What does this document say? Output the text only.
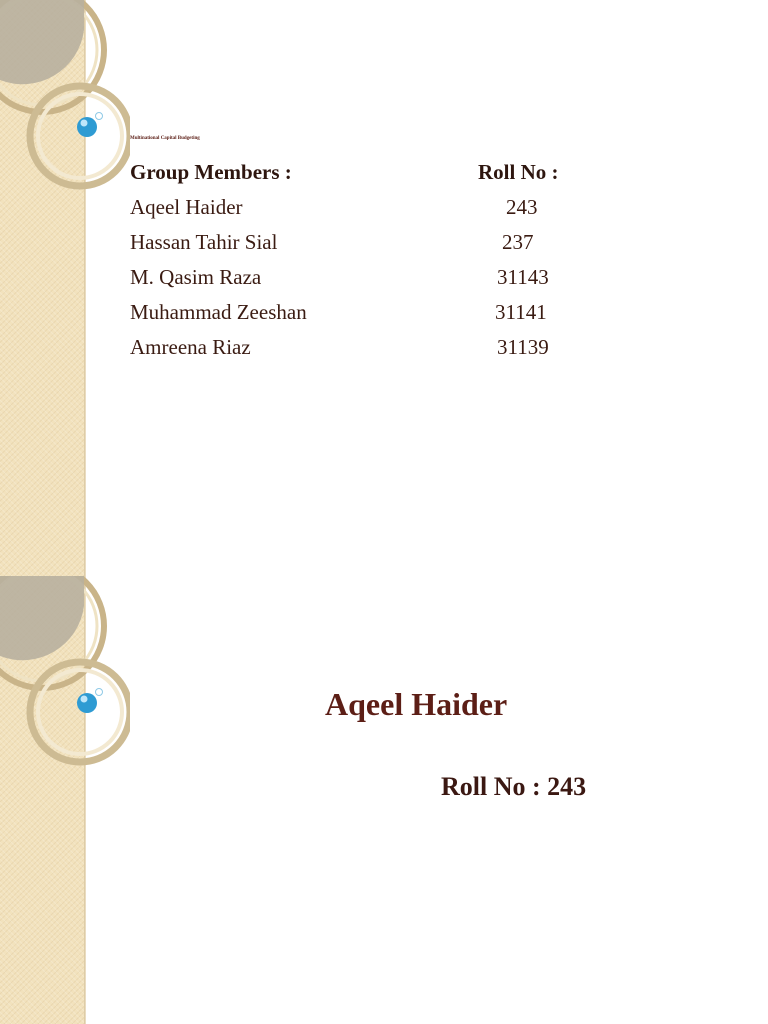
Multinational Capital Budgeting
Group Members :	Roll No :
Aqeel Haider	243
Hassan Tahir Sial	237
M. Qasim Raza	31143
Muhammad Zeeshan	31141
Amreena Riaz	31139
Aqeel Haider
Roll No : 243
